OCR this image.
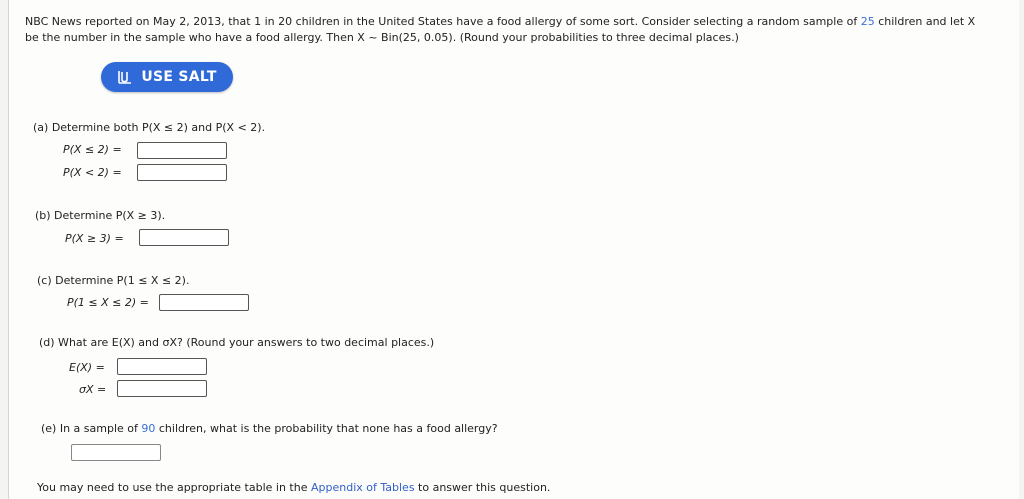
NBC News reported on May 2, 2013, that 1 in 20 children in the United States have a food allergy of some sort. Consider selecting a random sample of 25 children and let X
be the number in the sample who have a food allergy. Then X ~ Bin(25, 0.05). (Round your probabilities to three decimal places.)
USE SALT
(a) Determine both P(X ≤ 2) and P(X < 2).
P(X ≤ 2) =
P(X < 2) =
(b) Determine P(X ≥ 3).
P(X ≥ 3) =
(c) Determine P(1 ≤ X ≤ 2).
P(1 ≤ X ≤ 2) =
(d) What are E(X) and σX? (Round your answers to two decimal places.)
E(X) =
σX =
(e) In a sample of 90 children, what is the probability that none has a food allergy?
You may need to use the appropriate table in the Appendix of Tables to answer this question.
